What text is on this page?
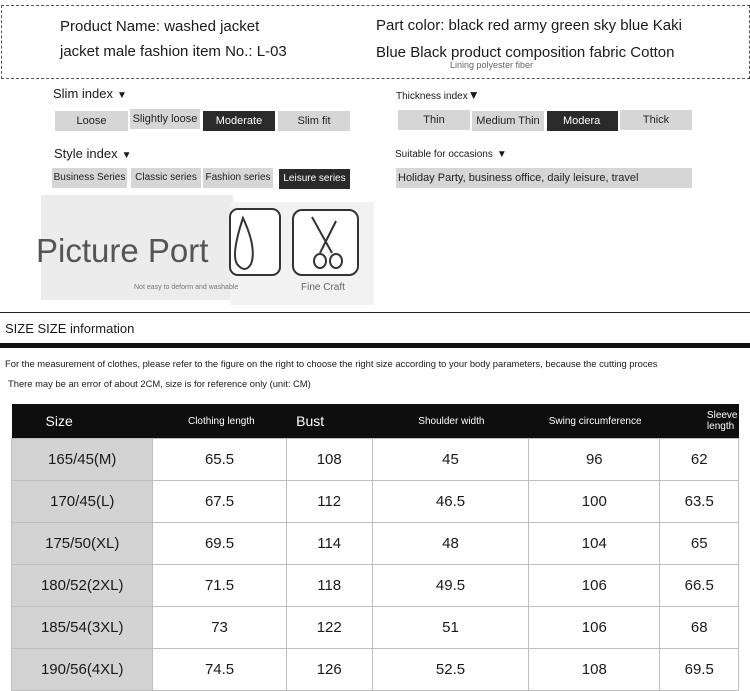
Product Name: washed jacket
jacket male fashion item No.: L-03
Part color: black red army green sky blue Kaki
Blue Black product composition fabric Cotton
Lining polyester fiber
Slim index ▼
Loose	Slightly loose	Moderate	Slim fit
Thickness index▼
Thin	Medium Thin	Modera	Thick
Style index ▼
Business Series Classic series Fashion series	Leisure series
Suitable for occasions ▼
Holiday Party, business office, daily leisure, travel
Picture Port
Not easy to deform and washable	Fine Craft
SIZE SIZE information
For the measurement of clothes, please refer to the figure on the right to choose the right size according to your body parameters, because the cutting proces
There may be an error of about 2CM, size is for reference only (unit: CM)
Size	Clothing length	Bust	Shoulder width	Swing circumference	Sleeve length
165/45(M)	65.5	108	45	96	62
170/45(L)	67.5	112	46.5	100	63.5
175/50(XL)	69.5	114	48	104	65
180/52(2XL)	71.5	118	49.5	106	66.5
185/54(3XL)	73	122	51	106	68
190/56(4XL)	74.5	126	52.5	108	69.5
